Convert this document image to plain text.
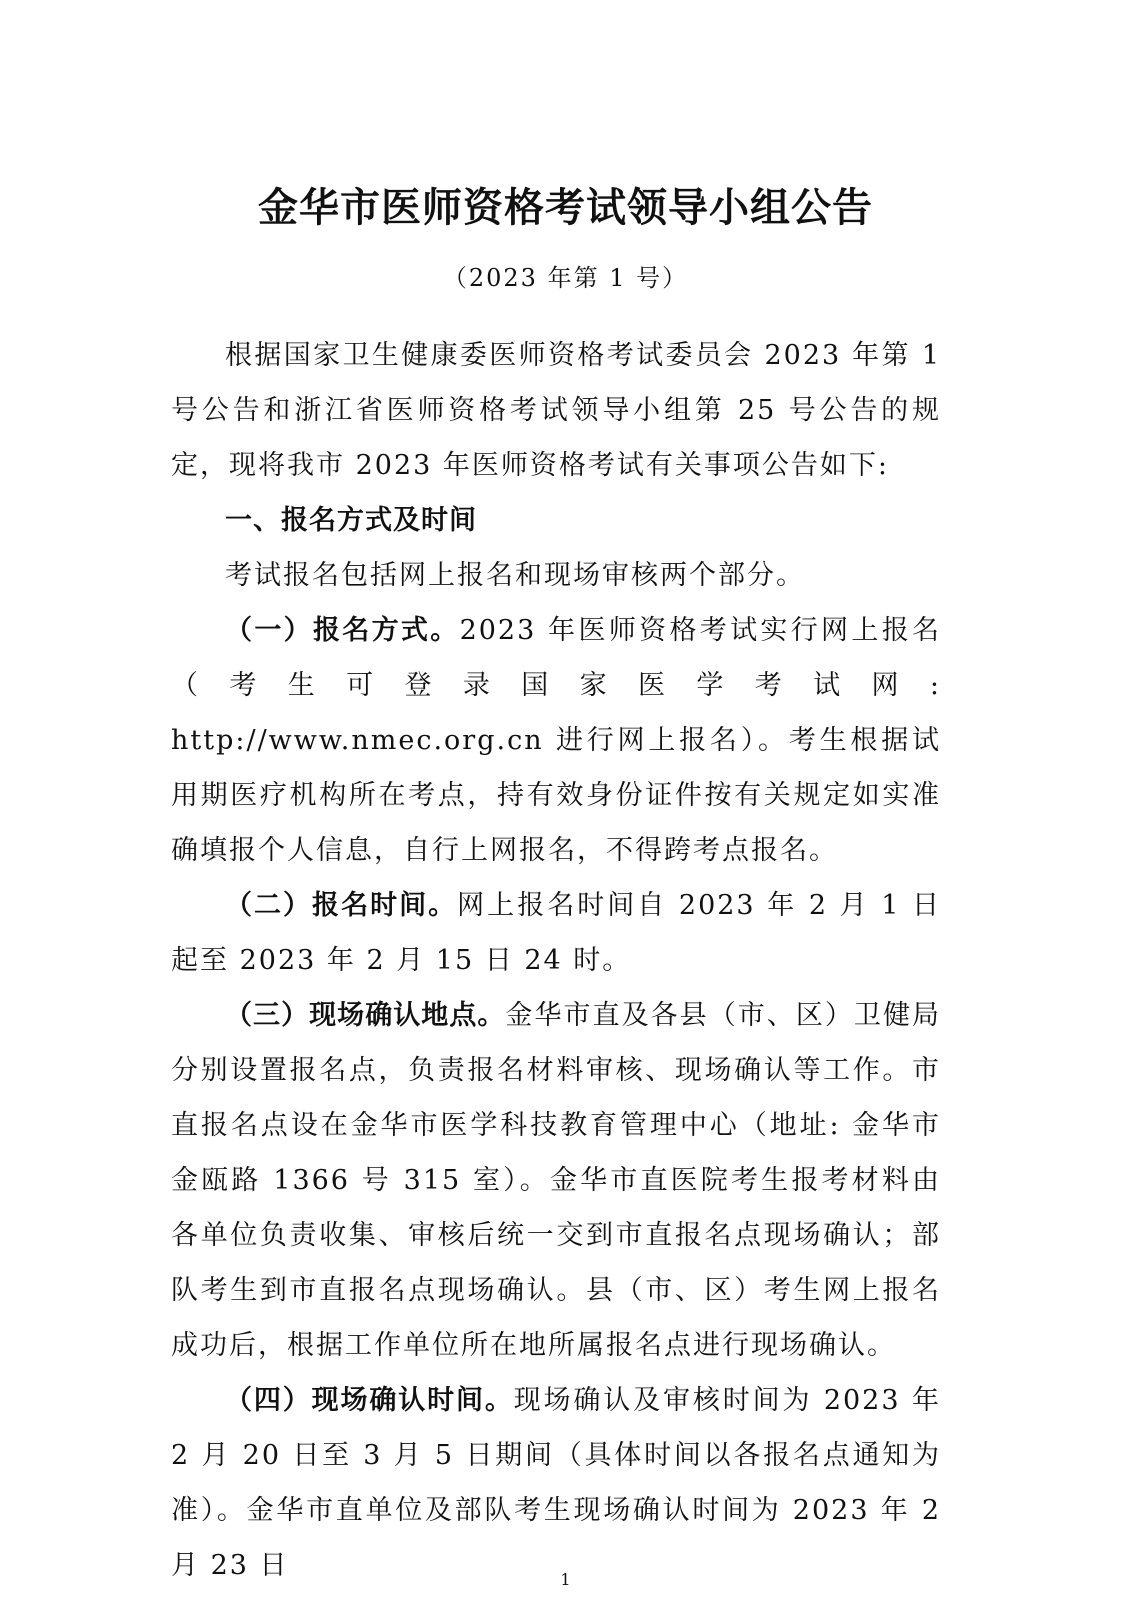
金华市医师资格考试领导小组公告
（2023 年第 1 号）

根据国家卫生健康委医师资格考试委员会 2023 年第 1 号公告和浙江省医师资格考试领导小组第 25 号公告的规定，现将我市 2023 年医师资格考试有关事项公告如下:

一、报名方式及时间

考试报名包括网上报名和现场审核两个部分。

（一）报名方式。2023 年医师资格考试实行网上报名（考生可登录国家医学考试网: http://www.nmec.org.cn 进行网上报名）。考生根据试用期医疗机构所在考点，持有效身份证件按有关规定如实准确填报个人信息，自行上网报名，不得跨考点报名。

（二）报名时间。网上报名时间自 2023 年 2 月 1 日起至 2023 年 2 月 15 日 24 时。

（三）现场确认地点。金华市直及各县（市、区）卫健局分别设置报名点，负责报名材料审核、现场确认等工作。市直报名点设在金华市医学科技教育管理中心（地址: 金华市金瓯路 1366 号 315 室）。金华市直医院考生报考材料由各单位负责收集、审核后统一交到市直报名点现场确认；部队考生到市直报名点现场确认。县（市、区）考生网上报名成功后，根据工作单位所在地所属报名点进行现场确认。

（四）现场确认时间。现场确认及审核时间为 2023 年 2 月 20 日至 3 月 5 日期间（具体时间以各报名点通知为准）。金华市直单位及部队考生现场确认时间为 2023 年 2 月 23 日	1
